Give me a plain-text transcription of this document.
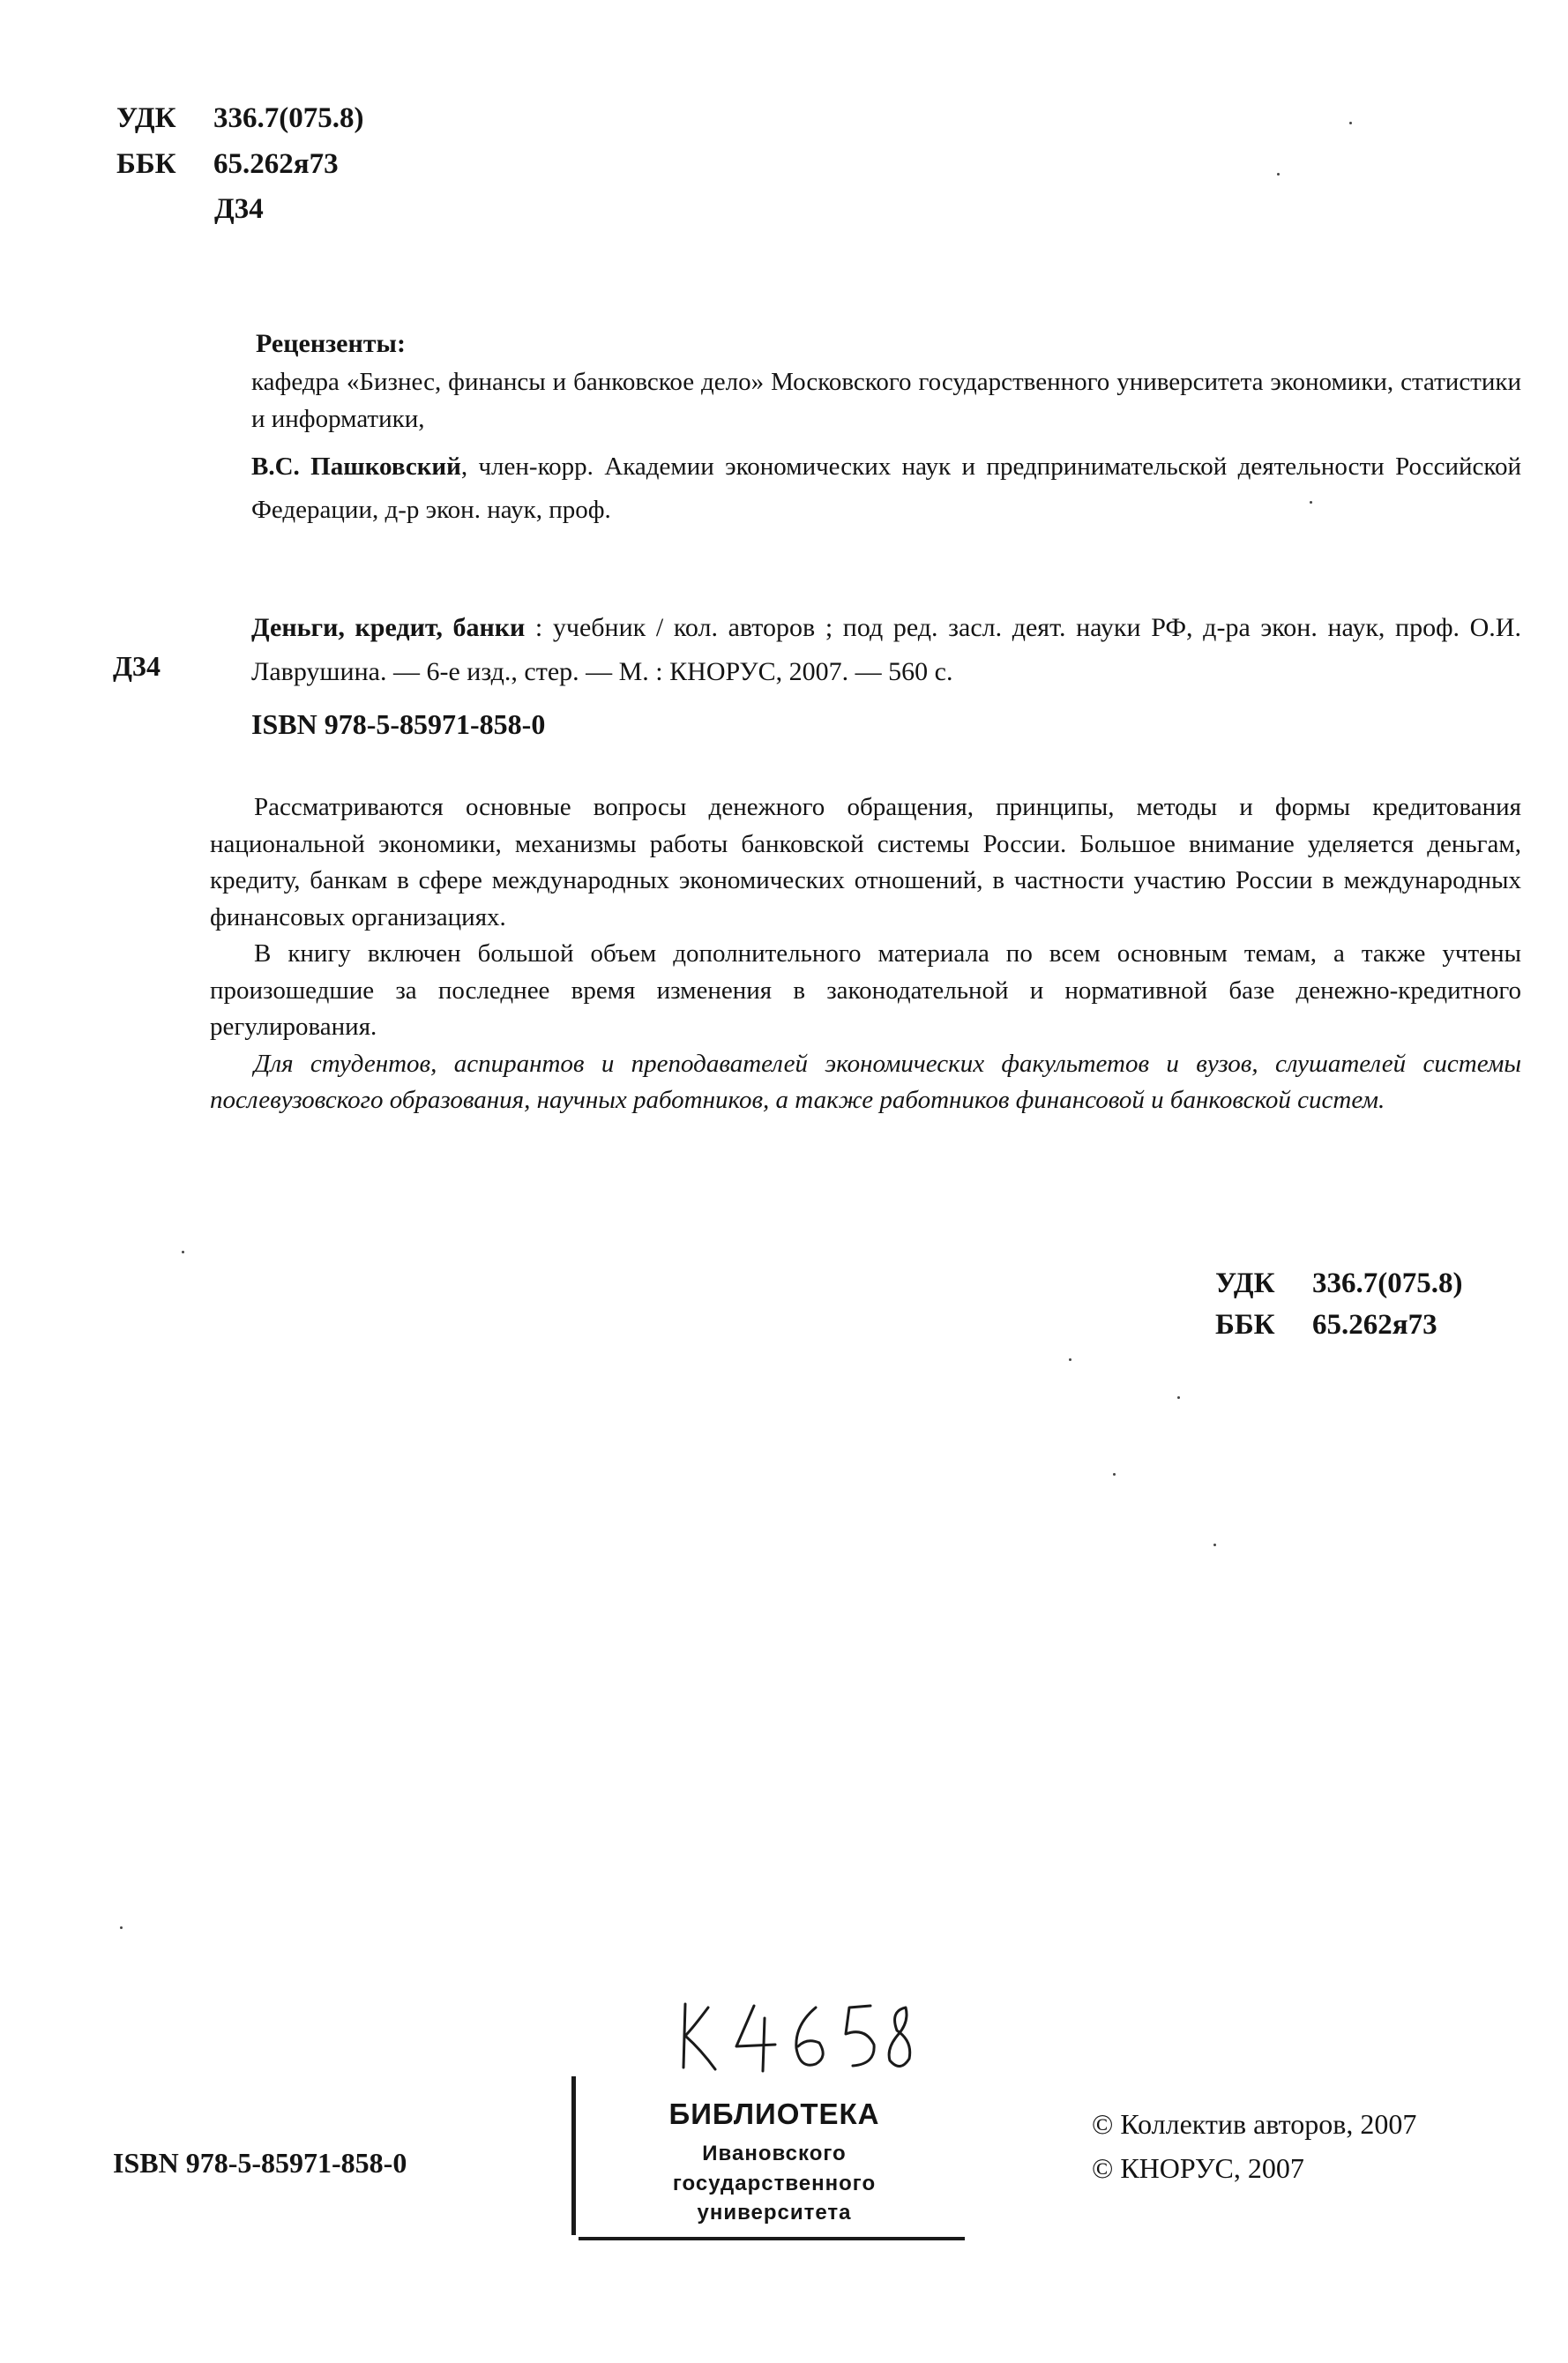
УДК 336.7(075.8)
ББК 65.262я73
Д34
Рецензенты:
кафедра «Бизнес, финансы и банковское дело» Московского государственного университета экономики, статистики и информатики,
В.С. Пашковский, член-корр. Академии экономических наук и предпринимательской деятельности Российской Федерации, д-р экон. наук, проф.
Д34
Деньги, кредит, банки : учебник / кол. авторов ; под ред. засл. деят. науки РФ, д-ра экон. наук, проф. О.И. Лаврушина. — 6-е изд., стер. — М. : КНОРУС, 2007. — 560 с.
ISBN 978-5-85971-858-0

Рассматриваются основные вопросы денежного обращения, принципы, методы и формы кредитования национальной экономики, механизмы работы банковской системы России. Большое внимание уделяется деньгам, кредиту, банкам в сфере международных экономических отношений, в частности участию России в международных финансовых организациях.

В книгу включен большой объем дополнительного материала по всем основным темам, а также учтены произошедшие за последнее время изменения в законодательной и нормативной базе денежно-кредитного регулирования.

Для студентов, аспирантов и преподавателей экономических факультетов и вузов, слушателей системы послевузовского образования, научных работников, а также работников финансовой и банковской систем.

УДК 336.7(075.8)
ББК 65.262я73
БИБЛИОТЕКА
Ивановского
государственного
университета
ISBN 978-5-85971-858-0
© Коллектив авторов, 2007
© КНОРУС, 2007
